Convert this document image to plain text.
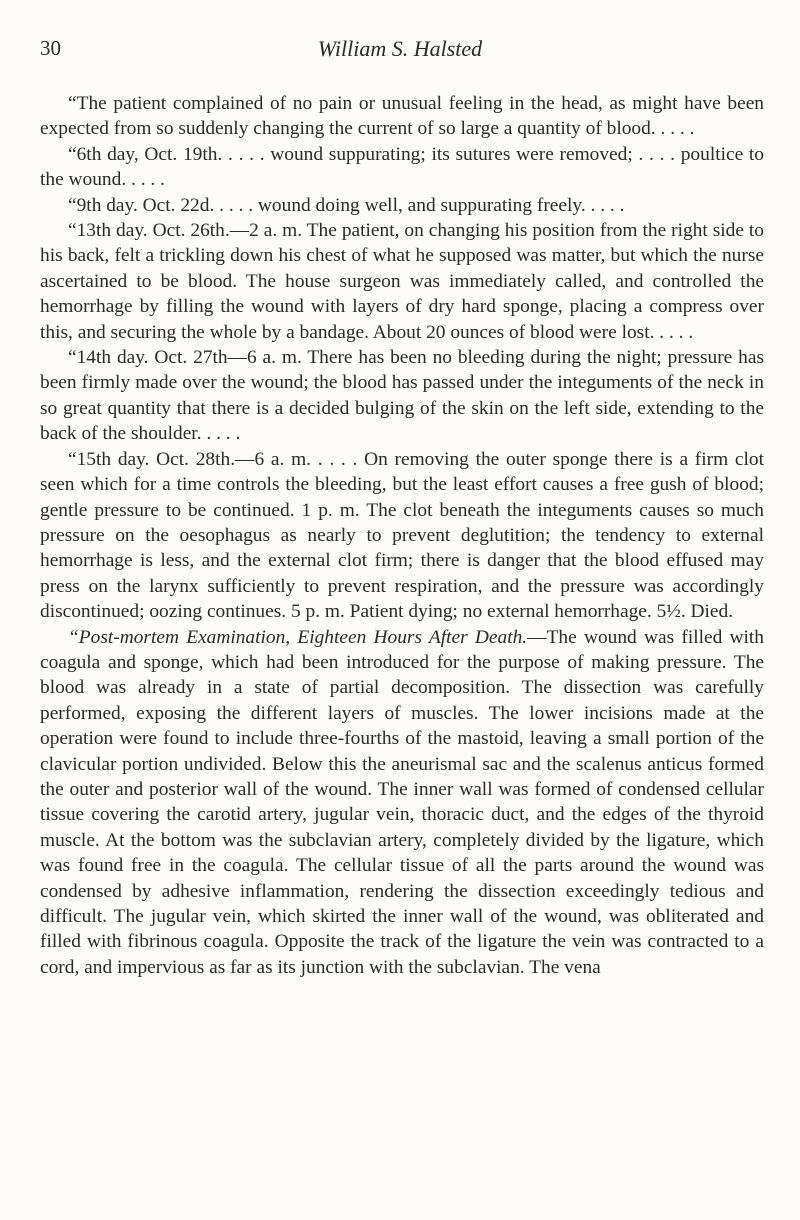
30	William S. Halsted

“The patient complained of no pain or unusual feeling in the head, as might have been expected from so suddenly changing the current of so large a quantity of blood. . . . .

“6th day, Oct. 19th. . . . . wound suppurating; its sutures were removed; . . . . poultice to the wound. . . . .

“9th day. Oct. 22d. . . . . wound doing well, and suppurating freely. . . . .

“13th day. Oct. 26th.—2 a. m. The patient, on changing his position from the right side to his back, felt a trickling down his chest of what he supposed was matter, but which the nurse ascertained to be blood. The house surgeon was immediately called, and controlled the hemorrhage by filling the wound with layers of dry hard sponge, placing a compress over this, and securing the whole by a bandage. About 20 ounces of blood were lost. . . . .

“14th day. Oct. 27th—6 a. m. There has been no bleeding during the night; pressure has been firmly made over the wound; the blood has passed under the integuments of the neck in so great quantity that there is a decided bulging of the skin on the left side, extending to the back of the shoulder. . . . .

“15th day. Oct. 28th.—6 a. m. . . . . On removing the outer sponge there is a firm clot seen which for a time controls the bleeding, but the least effort causes a free gush of blood; gentle pressure to be continued. 1 p. m. The clot beneath the integuments causes so much pressure on the oesophagus as nearly to prevent deglutition; the tendency to external hemorrhage is less, and the external clot firm; there is danger that the blood effused may press on the larynx sufficiently to prevent respiration, and the pressure was accordingly discontinued; oozing continues. 5 p. m. Patient dying; no external hemorrhage. 5½. Died.

“Post-mortem Examination, Eighteen Hours After Death.—The wound was filled with coagula and sponge, which had been introduced for the purpose of making pressure. The blood was already in a state of partial decomposition. The dissection was carefully performed, exposing the different layers of muscles. The lower incisions made at the operation were found to include three-fourths of the mastoid, leaving a small portion of the clavicular portion undivided. Below this the aneurismal sac and the scalenus anticus formed the outer and posterior wall of the wound. The inner wall was formed of condensed cellular tissue covering the carotid artery, jugular vein, thoracic duct, and the edges of the thyroid muscle. At the bottom was the subclavian artery, completely divided by the ligature, which was found free in the coagula. The cellular tissue of all the parts around the wound was condensed by adhesive inflammation, rendering the dissection exceedingly tedious and difficult. The jugular vein, which skirted the inner wall of the wound, was obliterated and filled with fibrinous coagula. Opposite the track of the ligature the vein was contracted to a cord, and impervious as far as its junction with the subclavian. The vena
